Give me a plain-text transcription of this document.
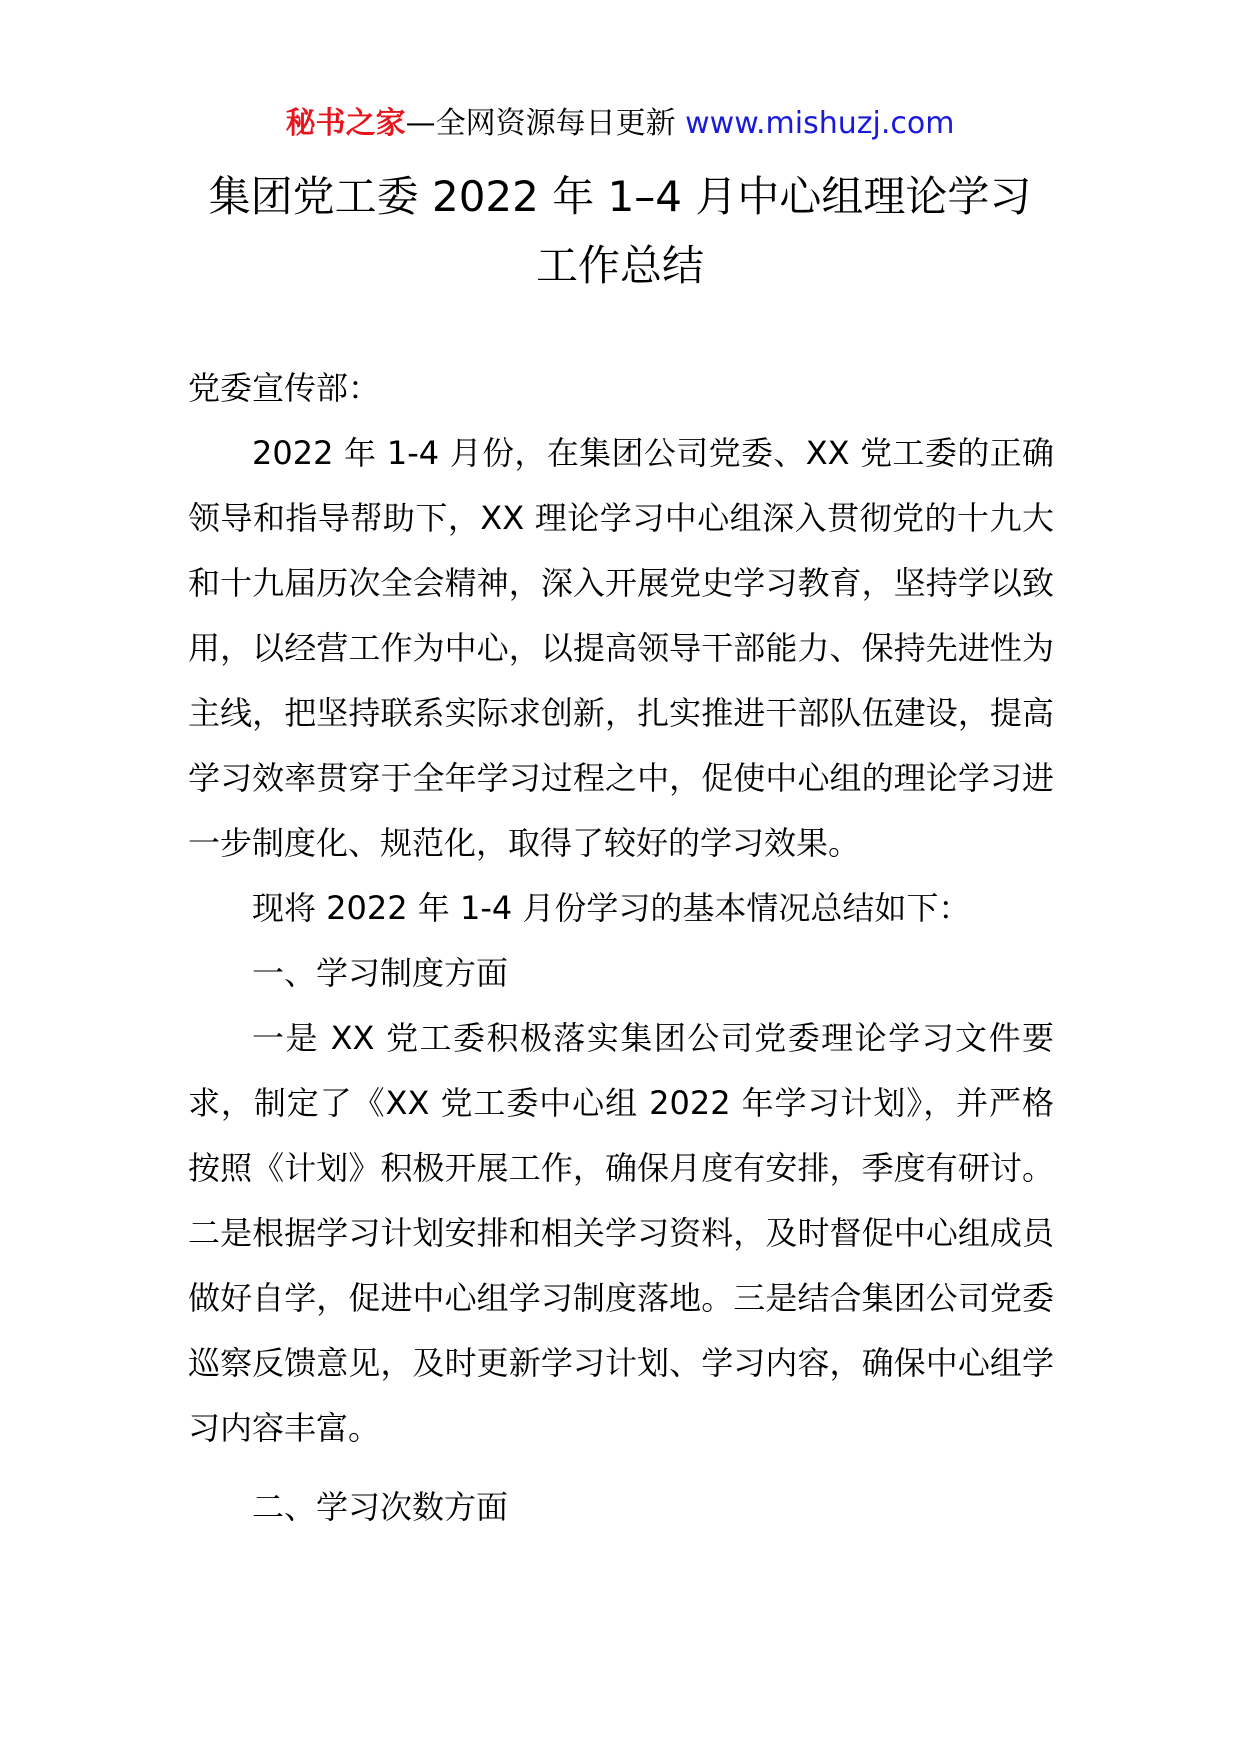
秘书之家—全网资源每日更新 www.mishuzj.com
集团党工委 2022 年 1–4 月中心组理论学习
工作总结

党委宣传部：

2022 年 1-4 月份，在集团公司党委、XX 党工委的正确领导和指导帮助下，XX 理论学习中心组深入贯彻党的十九大和十九届历次全会精神，深入开展党史学习教育，坚持学以致用，以经营工作为中心，以提高领导干部能力、保持先进性为主线，把坚持联系实际求创新，扎实推进干部队伍建设，提高学习效率贯穿于全年学习过程之中，促使中心组的理论学习进一步制度化、规范化，取得了较好的学习效果。

现将 2022 年 1-4 月份学习的基本情况总结如下：

一、学习制度方面

一是 XX 党工委积极落实集团公司党委理论学习文件要求，制定了《XX 党工委中心组 2022 年学习计划》，并严格按照《计划》积极开展工作，确保月度有安排，季度有研讨。二是根据学习计划安排和相关学习资料，及时督促中心组成员做好自学，促进中心组学习制度落地。三是结合集团公司党委巡察反馈意见，及时更新学习计划、学习内容，确保中心组学习内容丰富。

二、学习次数方面
